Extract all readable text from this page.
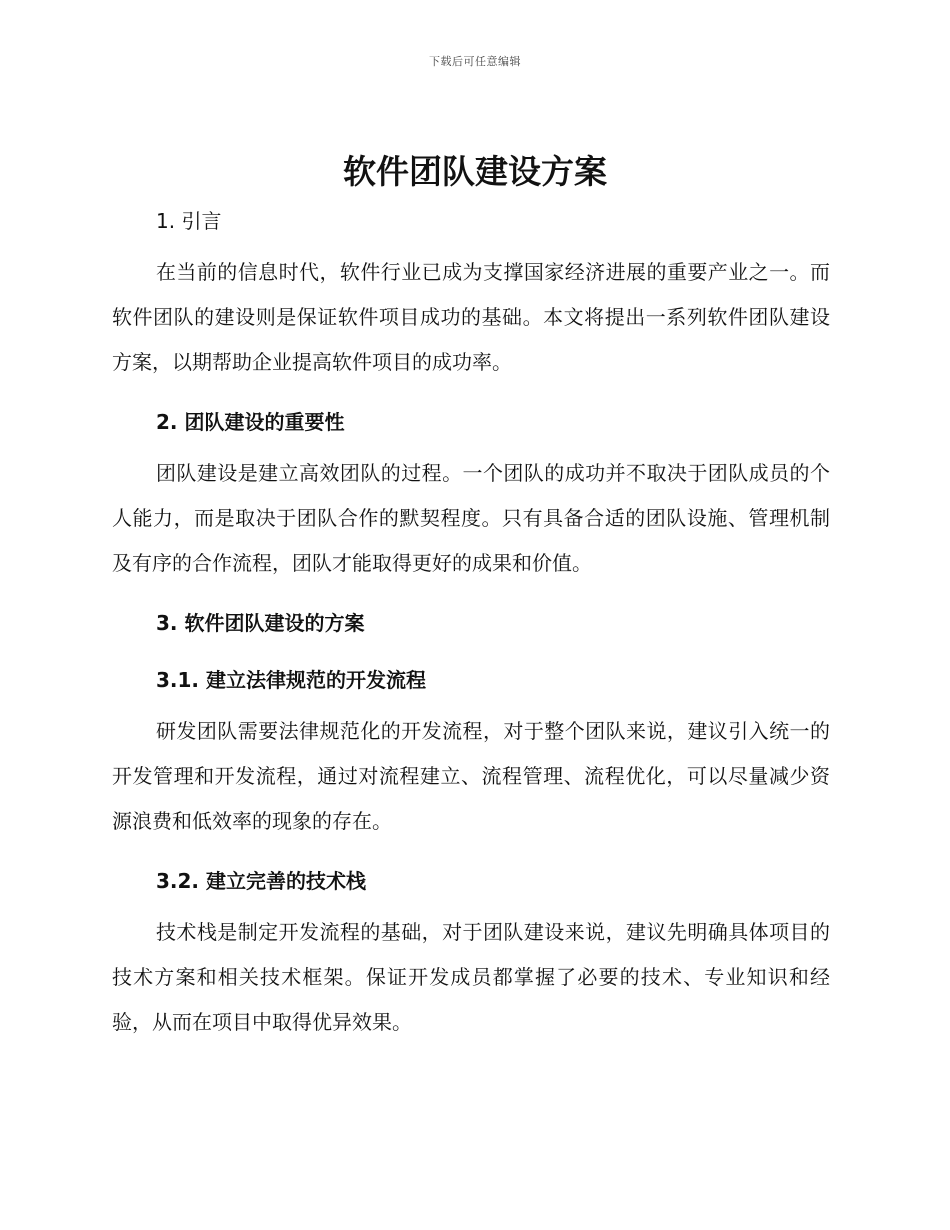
下载后可任意编辑
软件团队建设方案
1. 引言

在当前的信息时代，软件行业已成为支撑国家经济进展的重要产业之一。而软件团队的建设则是保证软件项目成功的基础。本文将提出一系列软件团队建设方案，以期帮助企业提高软件项目的成功率。

2. 团队建设的重要性

团队建设是建立高效团队的过程。一个团队的成功并不取决于团队成员的个人能力，而是取决于团队合作的默契程度。只有具备合适的团队设施、管理机制及有序的合作流程，团队才能取得更好的成果和价值。

3. 软件团队建设的方案
3.1. 建立法律规范的开发流程

研发团队需要法律规范化的开发流程，对于整个团队来说，建议引入统一的开发管理和开发流程，通过对流程建立、流程管理、流程优化，可以尽量减少资源浪费和低效率的现象的存在。

3.2. 建立完善的技术栈

技术栈是制定开发流程的基础，对于团队建设来说，建议先明确具体项目的技术方案和相关技术框架。保证开发成员都掌握了必要的技术、专业知识和经验，从而在项目中取得优异效果。
